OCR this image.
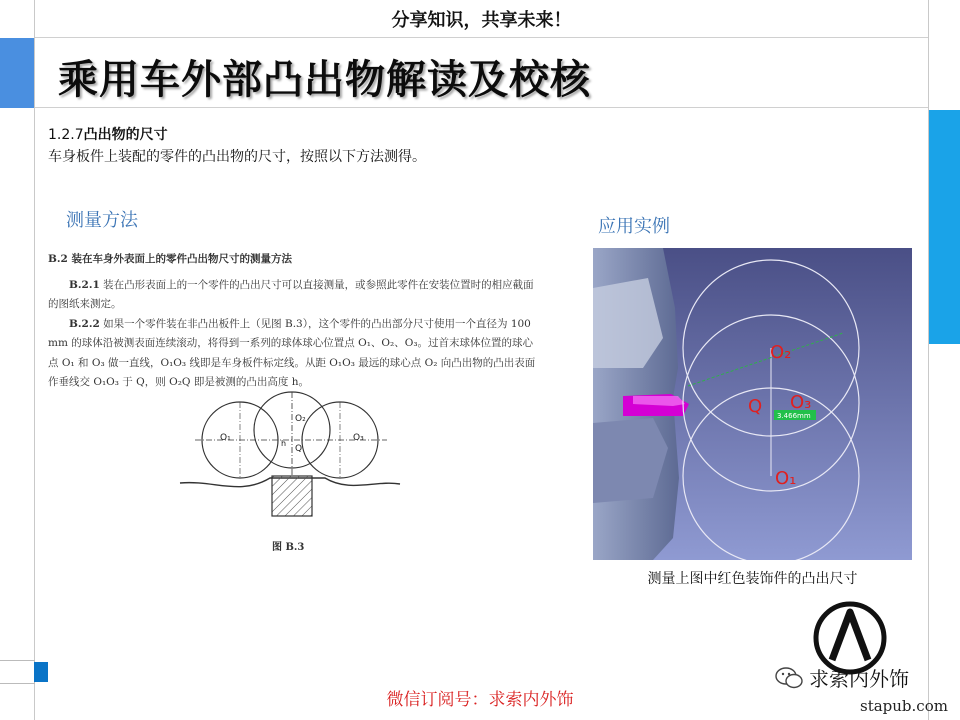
分享知识，共享未来！
乘用车外部凸出物解读及校核
1.2.7凸出物的尺寸
车身板件上装配的零件的凸出物的尺寸，按照以下方法测得。
测量方法	应用实例
B.2 装在车身外表面上的零件凸出物尺寸的测量方法

B.2.1 装在凸形表面上的一个零件的凸出尺寸可以直接测量，或参照此零件在安装位置时的相应截面的图纸来测定。

B.2.2 如果一个零件装在非凸出板件上（见图 B.3），这个零件的凸出部分尺寸使用一个直径为 100 mm 的球体沿被测表面连续滚动，将得到一系列的球体球心位置点 O₁、O₂、O₃。过首末球体位置的球心点 O₁ 和 O₃ 做一直线，O₁O₃ 线即是车身板件标定线。从距 O₁O₃ 最远的球心点 O₂ 向凸出物的凸出表面作垂线交 O₁O₃ 于 Q，则 O₂Q 即是被测的凸出高度 h。

O₁
O₂
O₃
Q
h
图 B.3
3.466mm
O₂
Q O₃
O₁
测量上图中红色装饰件的凸出尺寸
求索内外饰
微信订阅号：求索内外饰	stapub.com
